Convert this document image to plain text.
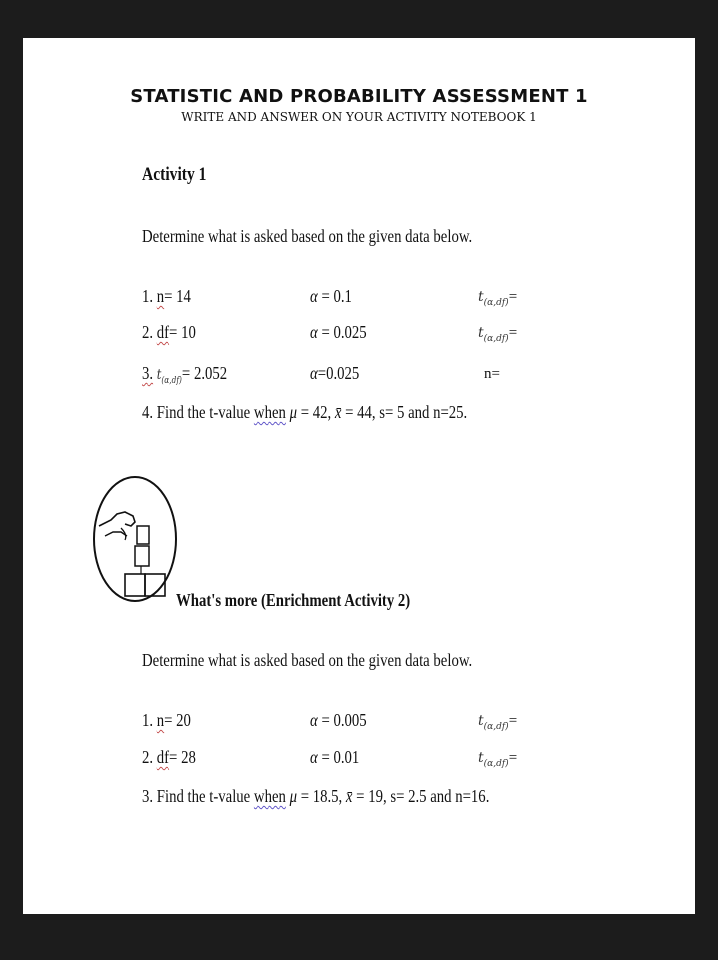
STATISTIC AND PROBABILITY ASSESSMENT 1
WRITE AND ANSWER ON YOUR ACTIVITY NOTEBOOK 1
Activity 1
Determine what is asked based on the given data below.
1. n= 14	α = 0.1	$t_{(\alpha,df)}=$
2. df= 10	α = 0.025	$t_{(\alpha,df)}=$
3. $t_{(\alpha,df)}= 2.052$	α=0.025	n=
4. Find the t-value when μ = 42, x̄ = 44, s= 5 and n=25.
What's more (Enrichment Activity 2)
Determine what is asked based on the given data below.
1. n= 20	α = 0.005	$t_{(\alpha,df)}=$
2. df= 28	α = 0.01	$t_{(\alpha,df)}=$
3. Find the t-value when μ = 18.5, x̄ = 19, s= 2.5 and n=16.
